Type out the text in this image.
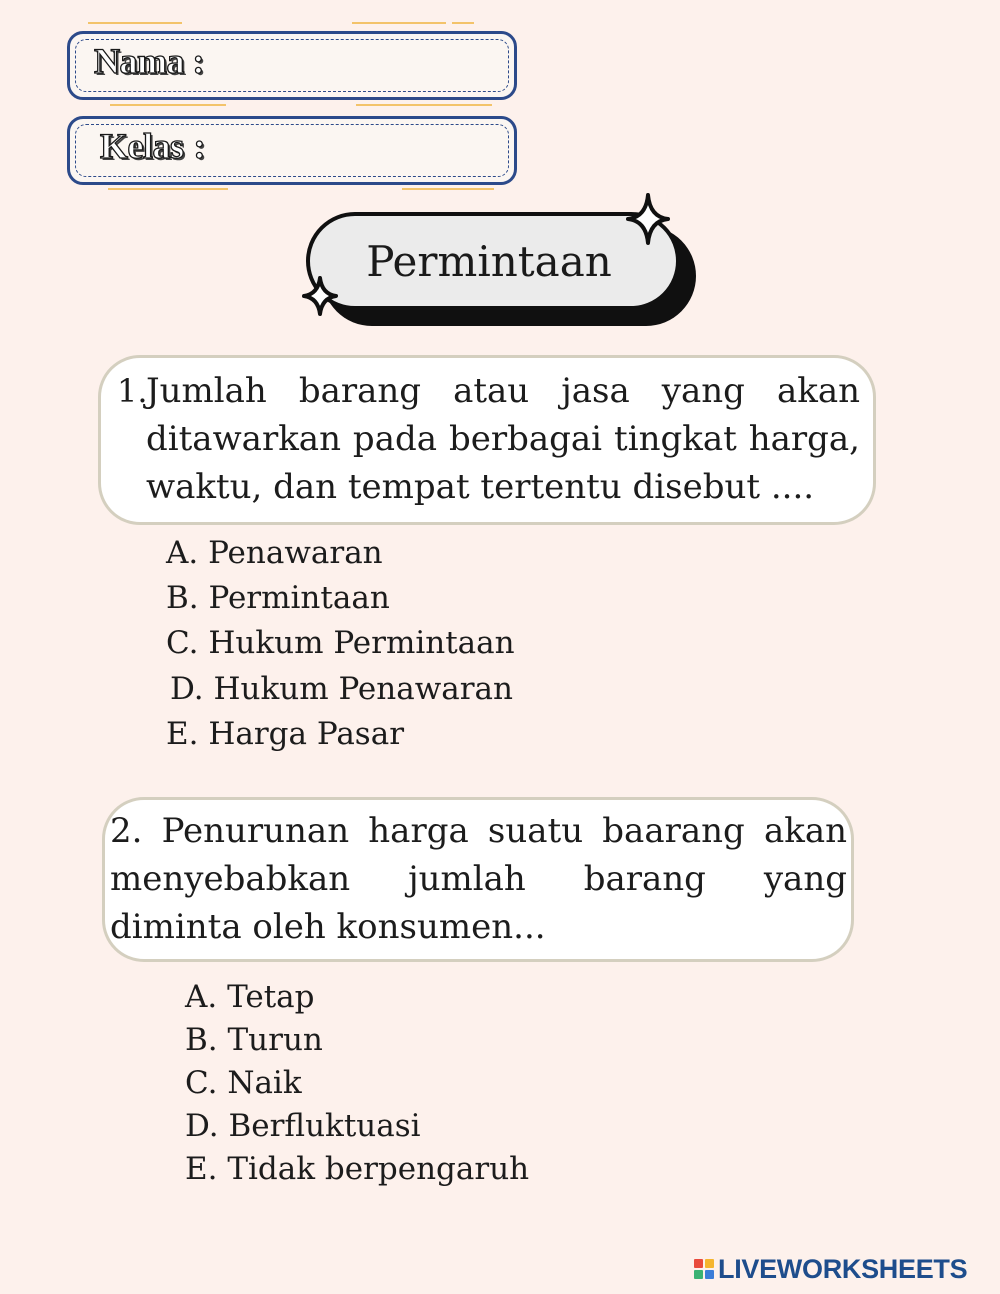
Nama :
Kelas :
Permintaan
1.
Jumlah barang atau jasa yang akan ditawarkan pada berbagai tingkat harga, waktu, dan tempat tertentu disebut ....
A. Penawaran
B. Permintaan
C. Hukum Permintaan
D. Hukum Penawaran
E. Harga Pasar
2. Penurunan harga suatu baarang akan menyebabkan jumlah barang yang diminta oleh konsumen...
A. Tetap
B. Turun
C. Naik
D. Berfluktuasi
E. Tidak berpengaruh
LIVEWORKSHEETS
